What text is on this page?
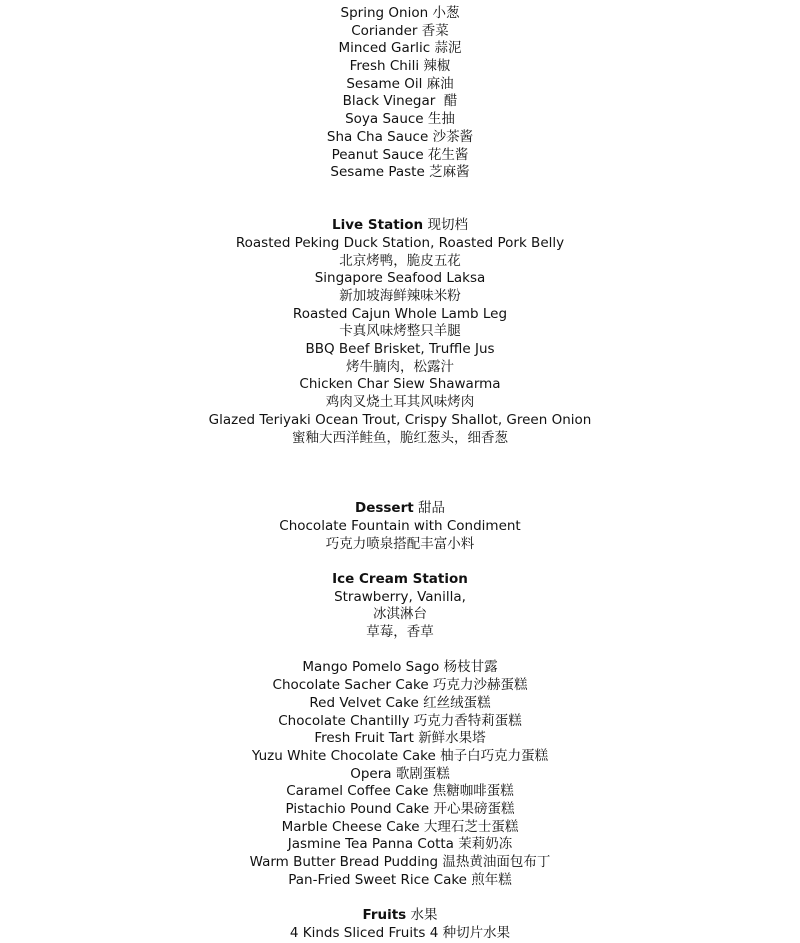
Spring Onion 小葱
Coriander 香菜
Minced Garlic 蒜泥
Fresh Chili 辣椒
Sesame Oil 麻油
Black Vinegar 醋
Soya Sauce 生抽
Sha Cha Sauce 沙茶酱
Peanut Sauce 花生酱
Sesame Paste 芝麻酱
Live Station 现切档
Roasted Peking Duck Station, Roasted Pork Belly
北京烤鸭，脆皮五花
Singapore Seafood Laksa
新加坡海鲜辣味米粉
Roasted Cajun Whole Lamb Leg
卡真风味烤整只羊腿
BBQ Beef Brisket, Truffle Jus
烤牛腩肉，松露汁
Chicken Char Siew Shawarma
鸡肉叉烧土耳其风味烤肉
Glazed Teriyaki Ocean Trout, Crispy Shallot, Green Onion
蜜釉大西洋鲑鱼，脆红葱头，细香葱
Dessert 甜品
Chocolate Fountain with Condiment
巧克力喷泉搭配丰富小料
Ice Cream Station
Strawberry, Vanilla,
冰淇淋台
草莓，香草
Mango Pomelo Sago 杨枝甘露
Chocolate Sacher Cake 巧克力沙赫蛋糕
Red Velvet Cake 红丝绒蛋糕
Chocolate Chantilly 巧克力香特莉蛋糕
Fresh Fruit Tart 新鲜水果塔
Yuzu White Chocolate Cake 柚子白巧克力蛋糕
Opera 歌剧蛋糕
Caramel Coffee Cake 焦糖咖啡蛋糕
Pistachio Pound Cake 开心果磅蛋糕
Marble Cheese Cake 大理石芝士蛋糕
Jasmine Tea Panna Cotta 茉莉奶冻
Warm Butter Bread Pudding 温热黄油面包布丁
Pan-Fried Sweet Rice Cake 煎年糕
Fruits 水果
4 Kinds Sliced Fruits 4 种切片水果
